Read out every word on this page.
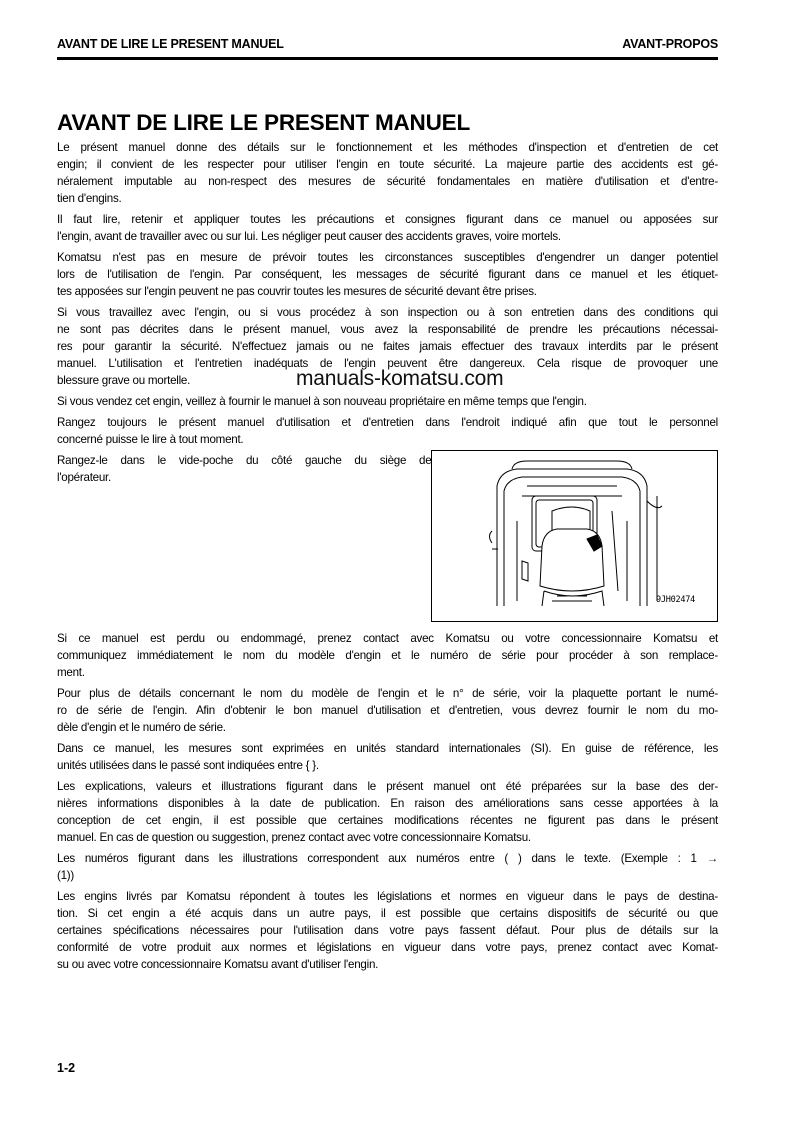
AVANT DE LIRE LE PRESENT MANUEL	AVANT-PROPOS
AVANT DE LIRE LE PRESENT MANUEL
Le présent manuel donne des détails sur le fonctionnement et les méthodes d'inspection et d'entretien de cet
engin; il convient de les respecter pour utiliser l'engin en toute sécurité. La majeure partie des accidents est gé-
néralement imputable au non-respect des mesures de sécurité fondamentales en matière d'utilisation et d'entre-
tien d'engins.
Il faut lire, retenir et appliquer toutes les précautions et consignes figurant dans ce manuel ou apposées sur
l'engin, avant de travailler avec ou sur lui. Les négliger peut causer des accidents graves, voire mortels.
Komatsu n'est pas en mesure de prévoir toutes les circonstances susceptibles d'engendrer un danger potentiel
lors de l'utilisation de l'engin. Par conséquent, les messages de sécurité figurant dans ce manuel et les étiquet-
tes apposées sur l'engin peuvent ne pas couvrir toutes les mesures de sécurité devant être prises.
Si vous travaillez avec l'engin, ou si vous procédez à son inspection ou à son entretien dans des conditions qui
ne sont pas décrites dans le présent manuel, vous avez la responsabilité de prendre les précautions nécessai-
res pour garantir la sécurité. N'effectuez jamais ou ne faites jamais effectuer des travaux interdits par le présent
manuel. L'utilisation et l'entretien inadéquats de l'engin peuvent être dangereux. Cela risque de provoquer une
blessure grave ou mortelle.
Si vous vendez cet engin, veillez à fournir le manuel à son nouveau propriétaire en même temps que l'engin.
Rangez toujours le présent manuel d'utilisation et d'entretien dans l'endroit indiqué afin que tout le personnel
concerné puisse le lire à tout moment.
Rangez-le dans le vide-poche du côté gauche du siège de
l'opérateur.
9JH02474
Si ce manuel est perdu ou endommagé, prenez contact avec Komatsu ou votre concessionnaire Komatsu et
communiquez immédiatement le nom du modèle d'engin et le numéro de série pour procéder à son remplace-
ment.
Pour plus de détails concernant le nom du modèle de l'engin et le n° de série, voir la plaquette portant le numé-
ro de série de l'engin. Afin d'obtenir le bon manuel d'utilisation et d'entretien, vous devrez fournir le nom du mo-
dèle d'engin et le numéro de série.
Dans ce manuel, les mesures sont exprimées en unités standard internationales (SI). En guise de référence, les
unités utilisées dans le passé sont indiquées entre { }.
Les explications, valeurs et illustrations figurant dans le présent manuel ont été préparées sur la base des der-
nières informations disponibles à la date de publication. En raison des améliorations sans cesse apportées à la
conception de cet engin, il est possible que certaines modifications récentes ne figurent pas dans le présent
manuel. En cas de question ou suggestion, prenez contact avec votre concessionnaire Komatsu.
Les numéros figurant dans les illustrations correspondent aux numéros entre ( ) dans le texte. (Exemple : 1 →
(1))
Les engins livrés par Komatsu répondent à toutes les législations et normes en vigueur dans le pays de destina-
tion. Si cet engin a été acquis dans un autre pays, il est possible que certains dispositifs de sécurité ou que
certaines spécifications nécessaires pour l'utilisation dans votre pays fassent défaut. Pour plus de détails sur la
conformité de votre produit aux normes et législations en vigueur dans votre pays, prenez contact avec Komat-
su ou avec votre concessionnaire Komatsu avant d'utiliser l'engin.
manuals-komatsu.com
1-2
